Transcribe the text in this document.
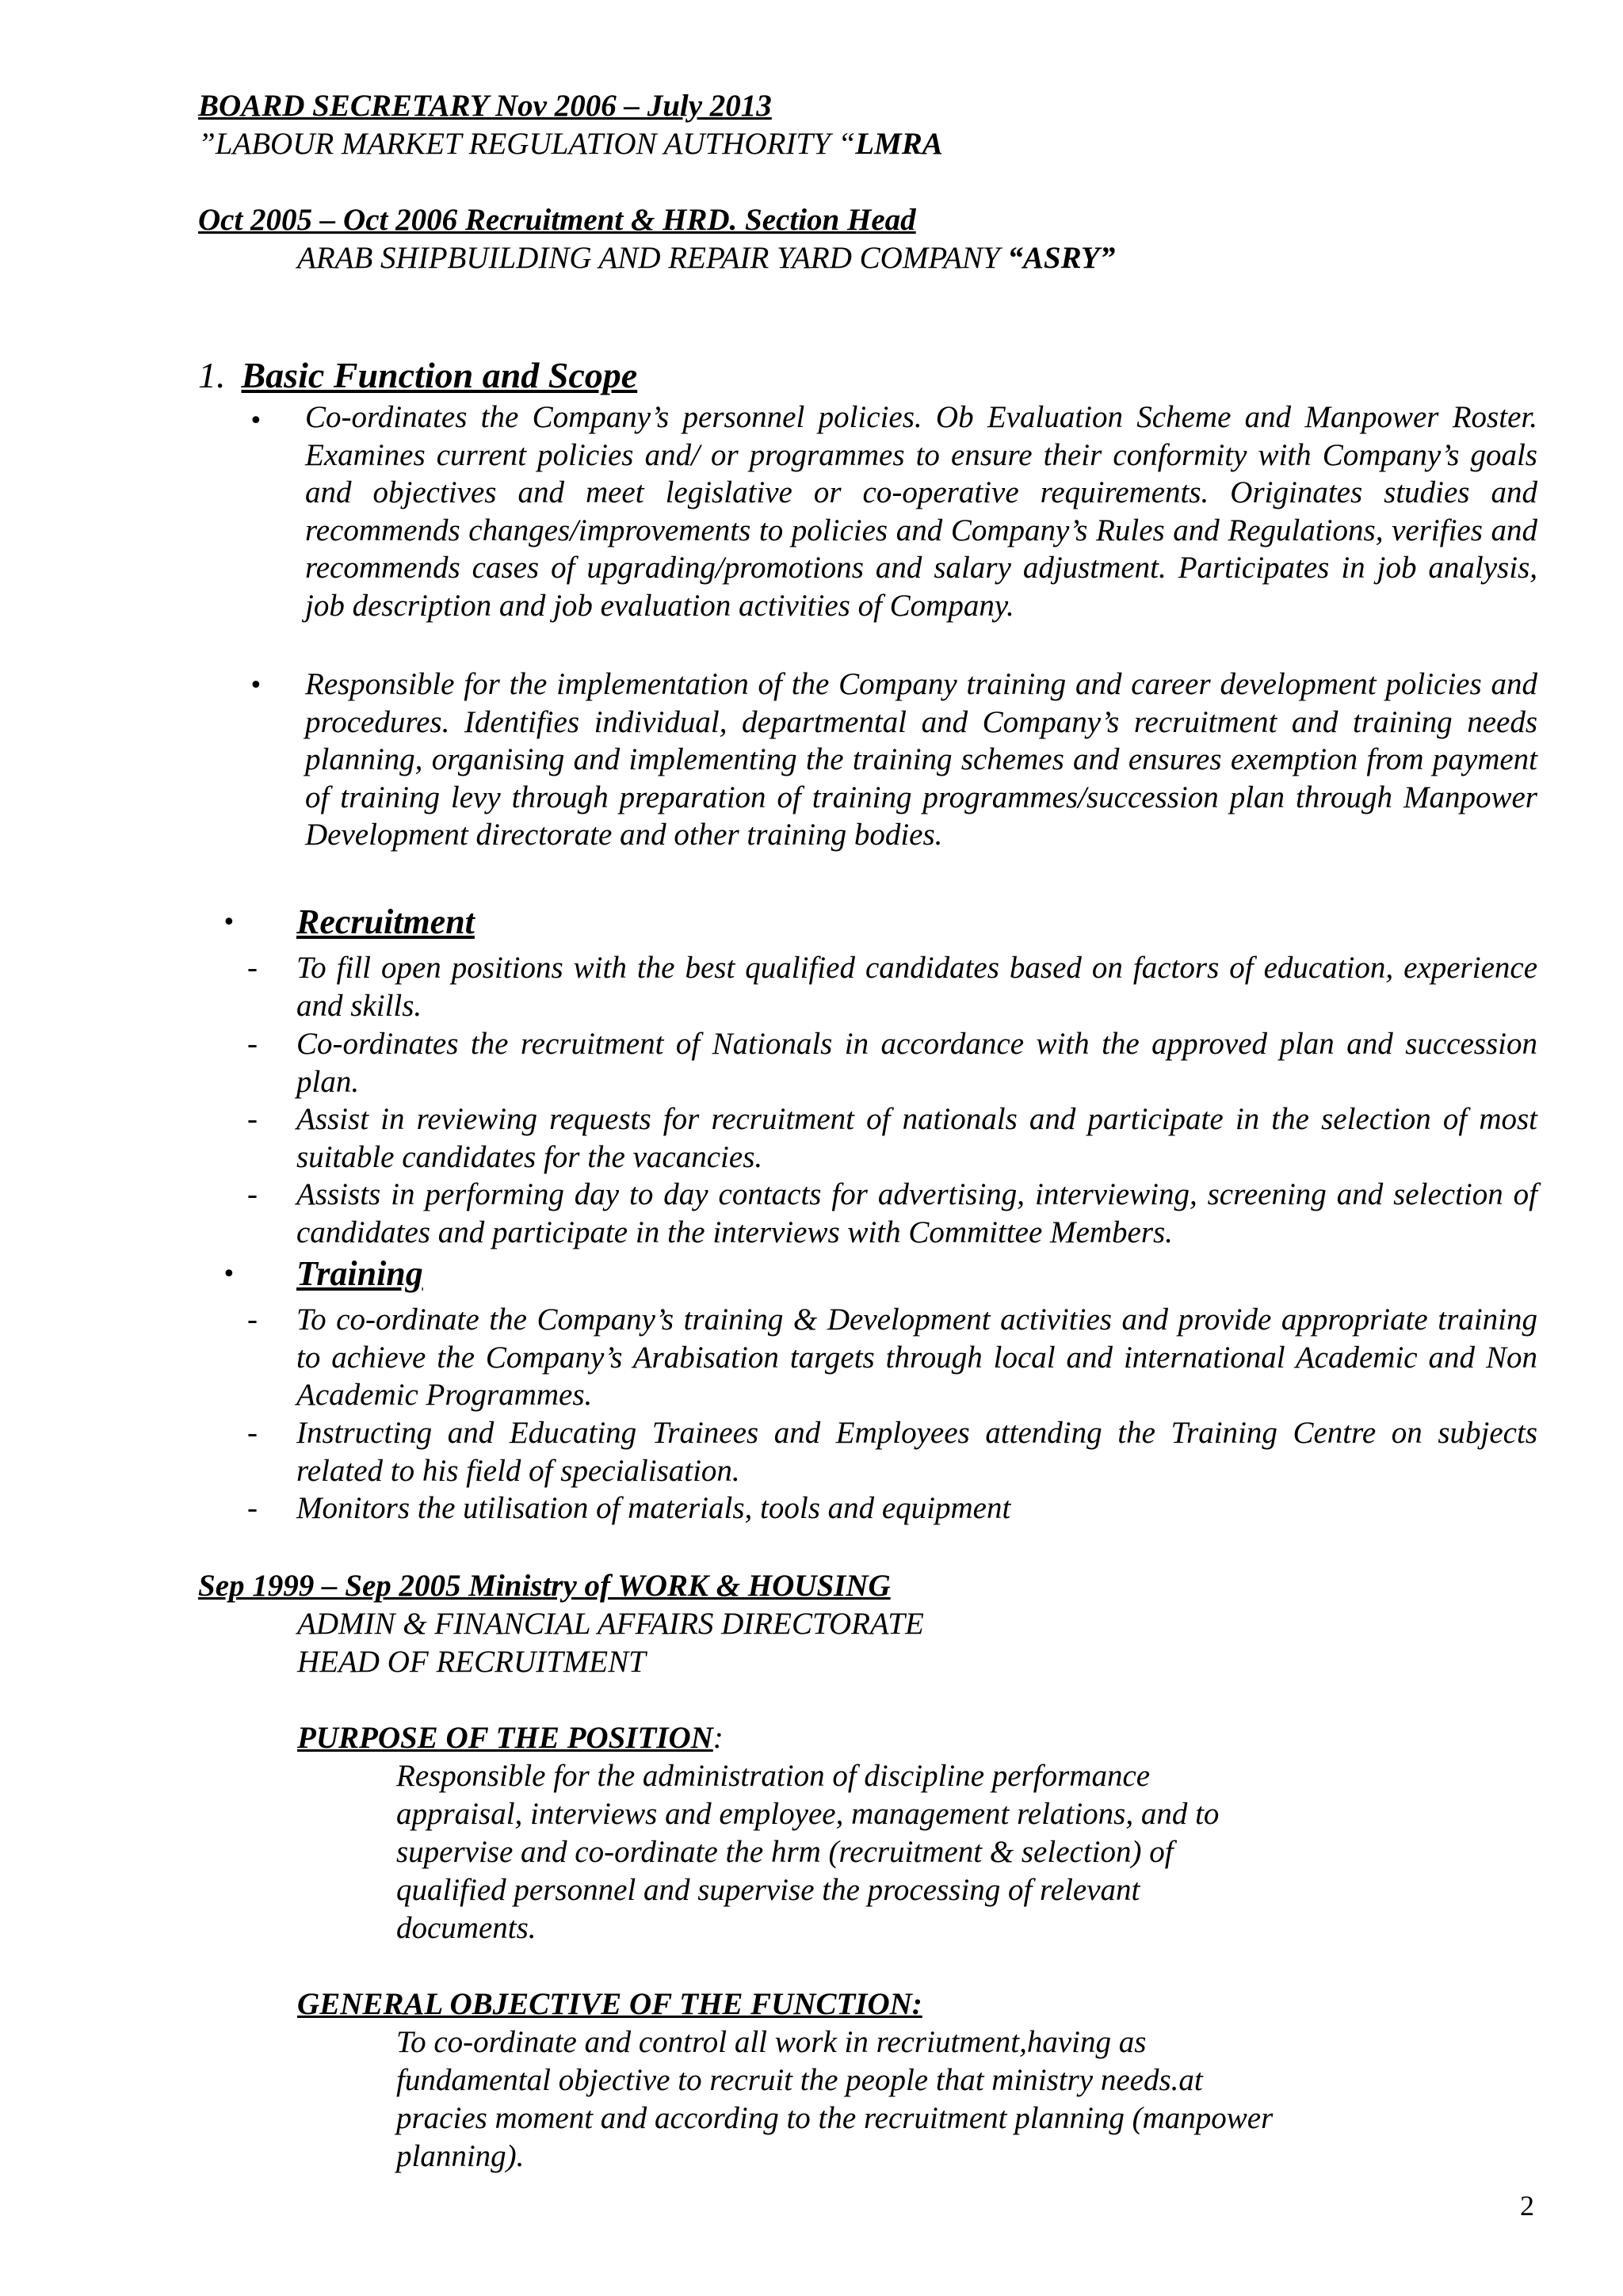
BOARD SECRETARY Nov 2006 – July 2013
”LABOUR MARKET REGULATION AUTHORITY “LMRA
Oct 2005 – Oct 2006 Recruitment & HRD. Section Head
ARAB SHIPBUILDING AND REPAIR YARD COMPANY “ASRY”
1. Basic Function and Scope
• Co-ordinates the Company’s personnel policies. Ob Evaluation Scheme and Manpower Roster. Examines current policies and/ or programmes to ensure their conformity with Company’s goals and objectives and meet legislative or co-operative requirements. Originates studies and recommends changes/improvements to policies and Company’s Rules and Regulations, verifies and recommends cases of upgrading/promotions and salary adjustment. Participates in job analysis, job description and job evaluation activities of Company.
• Responsible for the implementation of the Company training and career development policies and procedures. Identifies individual, departmental and Company’s recruitment and training needs planning, organising and implementing the training schemes and ensures exemption from payment of training levy through preparation of training programmes/succession plan through Manpower Development directorate and other training bodies.
• Recruitment
- To fill open positions with the best qualified candidates based on factors of education, experience and skills.
- Co-ordinates the recruitment of Nationals in accordance with the approved plan and succession plan.
- Assist in reviewing requests for recruitment of nationals and participate in the selection of most suitable candidates for the vacancies.
- Assists in performing day to day contacts for advertising, interviewing, screening and selection of candidates and participate in the interviews with Committee Members.
• Training
- To co-ordinate the Company’s training & Development activities and provide appropriate training to achieve the Company’s Arabisation targets through local and international Academic and Non Academic Programmes.
- Instructing and Educating Trainees and Employees attending the Training Centre on subjects related to his field of specialisation.
- Monitors the utilisation of materials, tools and equipment
Sep 1999 – Sep 2005 Ministry of WORK & HOUSING
ADMIN & FINANCIAL AFFAIRS DIRECTORATE
HEAD OF RECRUITMENT
PURPOSE OF THE POSITION:
Responsible for the administration of discipline performance
appraisal, interviews and employee, management relations, and to
supervise and co-ordinate the hrm (recruitment & selection) of
qualified personnel and supervise the processing of relevant
documents.
GENERAL OBJECTIVE OF THE FUNCTION:
To co-ordinate and control all work in recriutment,having as
fundamental objective to recruit the people that ministry needs.at
pracies moment and according to the recruitment planning (manpower
planning).
2
